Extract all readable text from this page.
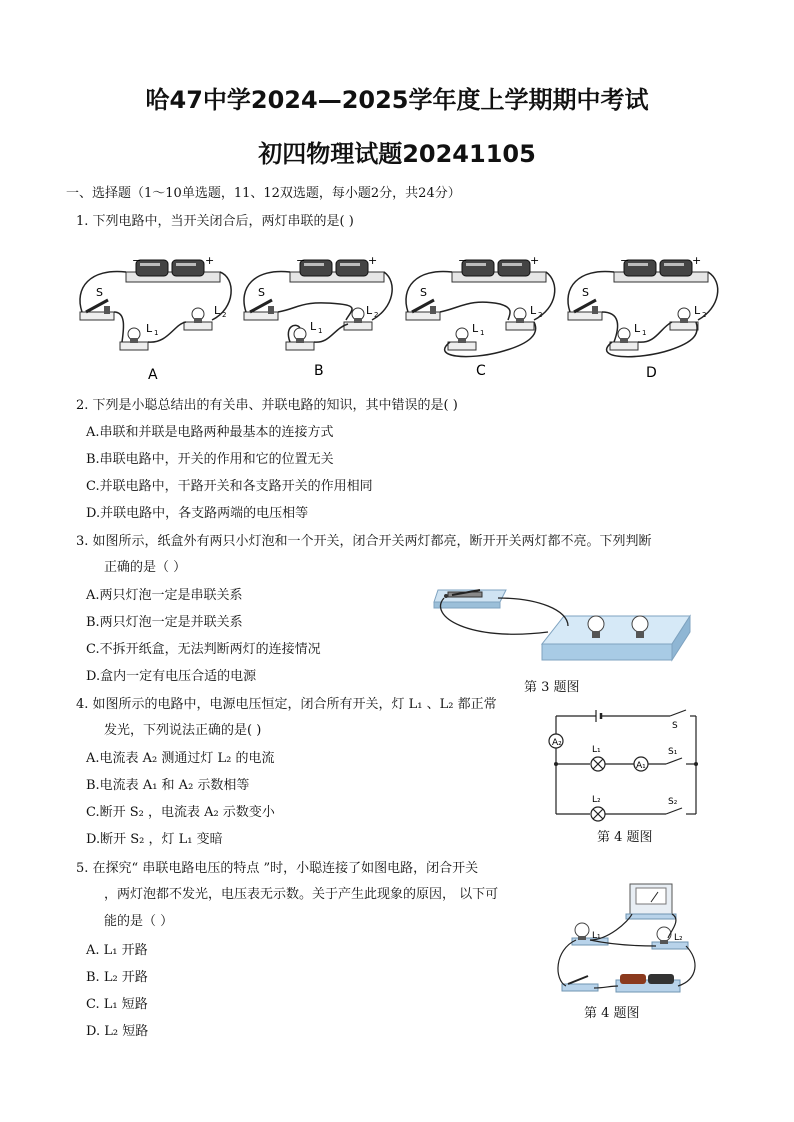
哈47中学2024—2025学年度上学期期中考试
初四物理试题20241105
一、选择题（1～10单选题，11、12双选题，每小题2分，共24分）
1. 下列电路中，当开关闭合后，两灯串联的是( )
−	+
S
L 1
L 2
A
−	+
S
L 1
L 2
B
−	+
S
L 1
L 2
C
−	+
S
L 1
L 2
D
2. 下列是小聪总结出的有关串、并联电路的知识，其中错误的是( )
A.串联和并联是电路两种最基本的连接方式
B.串联电路中，开关的作用和它的位置无关
C.并联电路中，干路开关和各支路开关的作用相同
D.并联电路中，各支路两端的电压相等
3. 如图所示，纸盒外有两只小灯泡和一个开关，闭合开关两灯都亮，断开开关两灯都不亮。下列判断
正确的是（ ）
A.两只灯泡一定是串联关系
B.两只灯泡一定是并联关系
C.不拆开纸盒，无法判断两灯的连接情况
D.盒内一定有电压合适的电源
第 3 题图
4. 如图所示的电路中，电源电压恒定，闭合所有开关，灯 L₁ 、L₂ 都正常
发光，下列说法正确的是( )
A.电流表 A₂ 测通过灯 L₂ 的电流
B.电流表 A₁ 和 A₂ 示数相等
C.断开 S₂ ，电流表 A₂ 示数变小
D.断开 S₂ ，灯 L₁ 变暗
A₂
A₁
L₁
L₂
S
S₁
S₂
第 4 题图
5. 在探究“ 串联电路电压的特点 ”时，小聪连接了如图电路，闭合开关
，两灯泡都不发光，电压表无示数。关于产生此现象的原因， 以下可
能的是（ ）
A. L₁ 开路
B. L₂ 开路
C. L₁ 短路
D. L₂ 短路
L₁	L₂
第 4 题图
